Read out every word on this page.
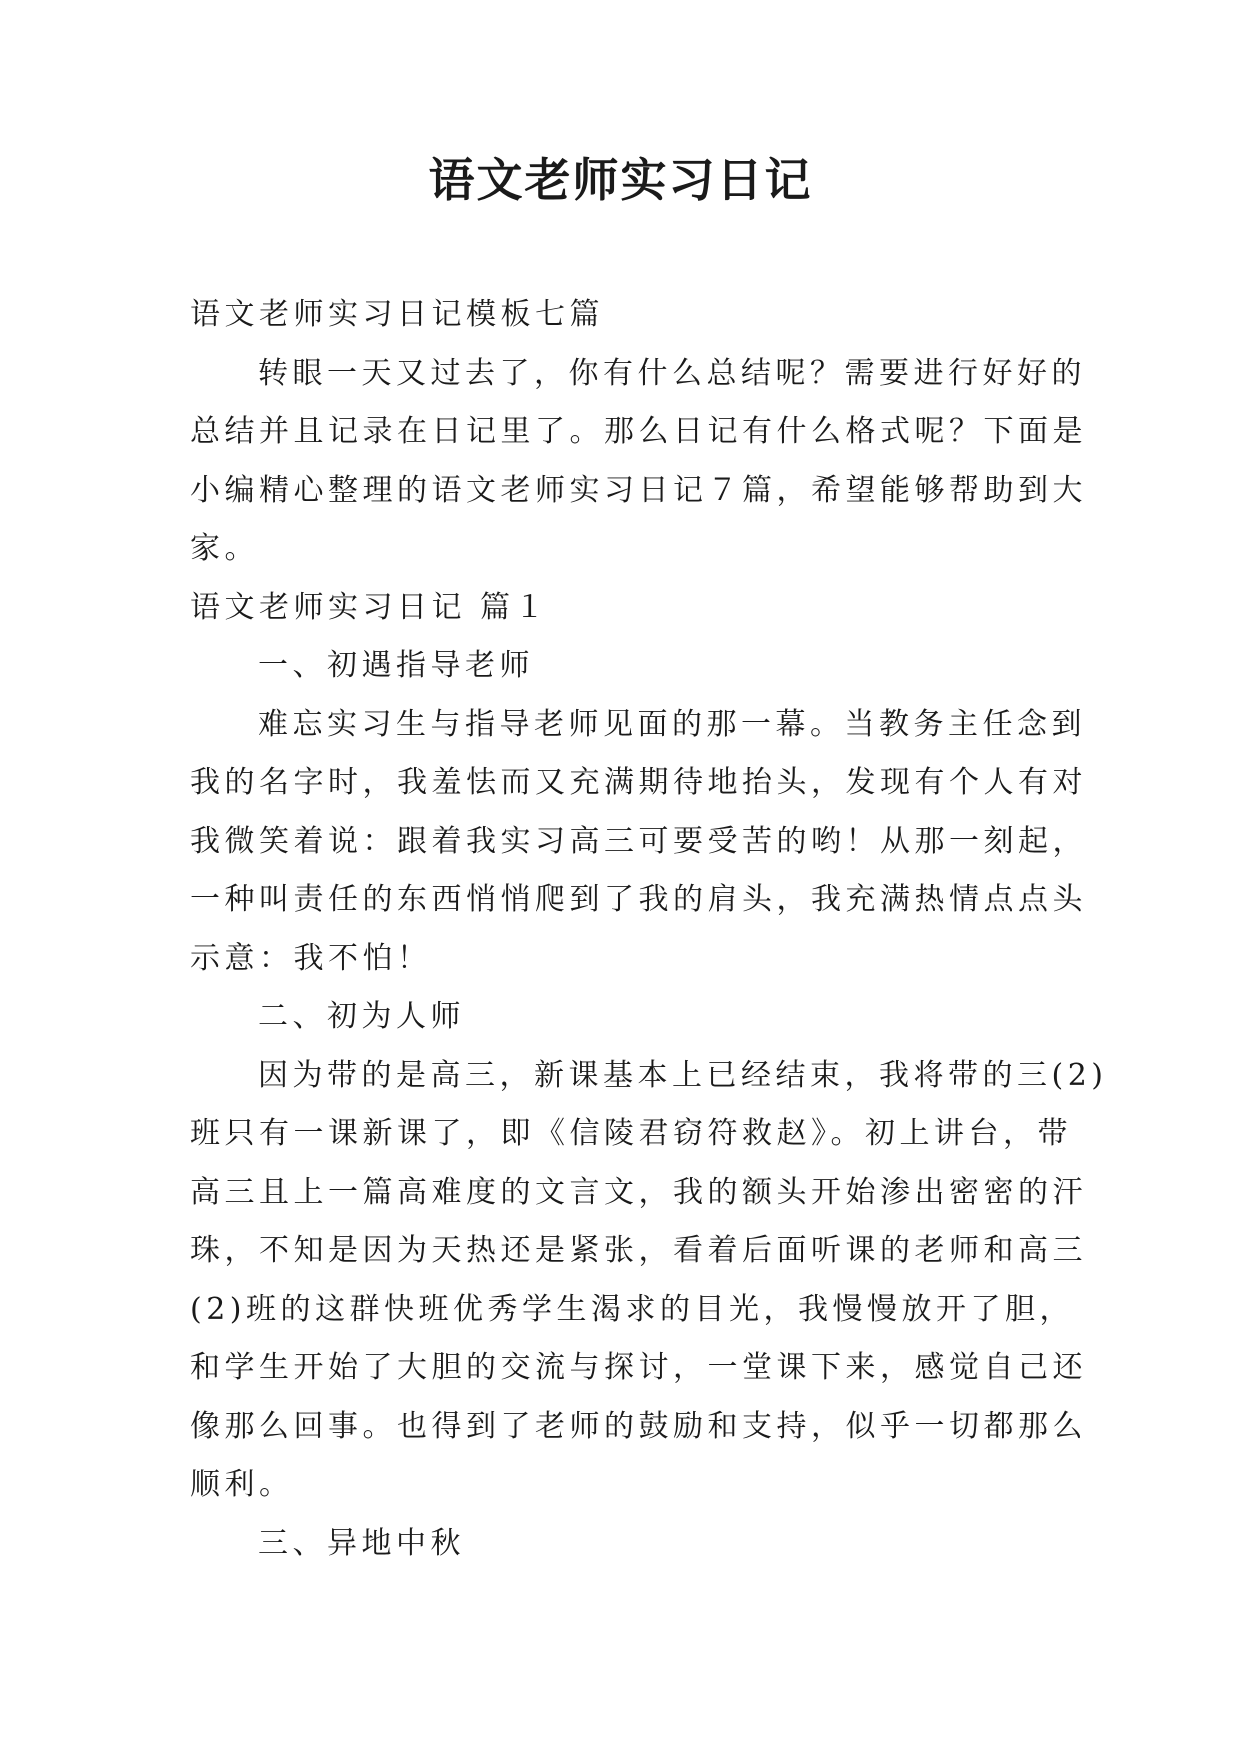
语文老师实习日记

语文老师实习日记模板七篇

转眼一天又过去了，你有什么总结呢？需要进行好好的

总结并且记录在日记里了。那么日记有什么格式呢？下面是

小编精心整理的语文老师实习日记７篇，希望能够帮助到大

家。

语文老师实习日记 篇１

一、初遇指导老师

难忘实习生与指导老师见面的那一幕。当教务主任念到

我的名字时，我羞怯而又充满期待地抬头，发现有个人有对

我微笑着说：跟着我实习高三可要受苦的哟！从那一刻起，

一种叫责任的东西悄悄爬到了我的肩头，我充满热情点点头

示意：我不怕！

二、初为人师

因为带的是高三，新课基本上已经结束，我将带的三(2)

班只有一课新课了，即《信陵君窃符救赵》。初上讲台，带

高三且上一篇高难度的文言文，我的额头开始渗出密密的汗

珠，不知是因为天热还是紧张，看着后面听课的老师和高三

(2)班的这群快班优秀学生渴求的目光，我慢慢放开了胆，

和学生开始了大胆的交流与探讨，一堂课下来，感觉自己还

像那么回事。也得到了老师的鼓励和支持，似乎一切都那么

顺利。

三、异地中秋
